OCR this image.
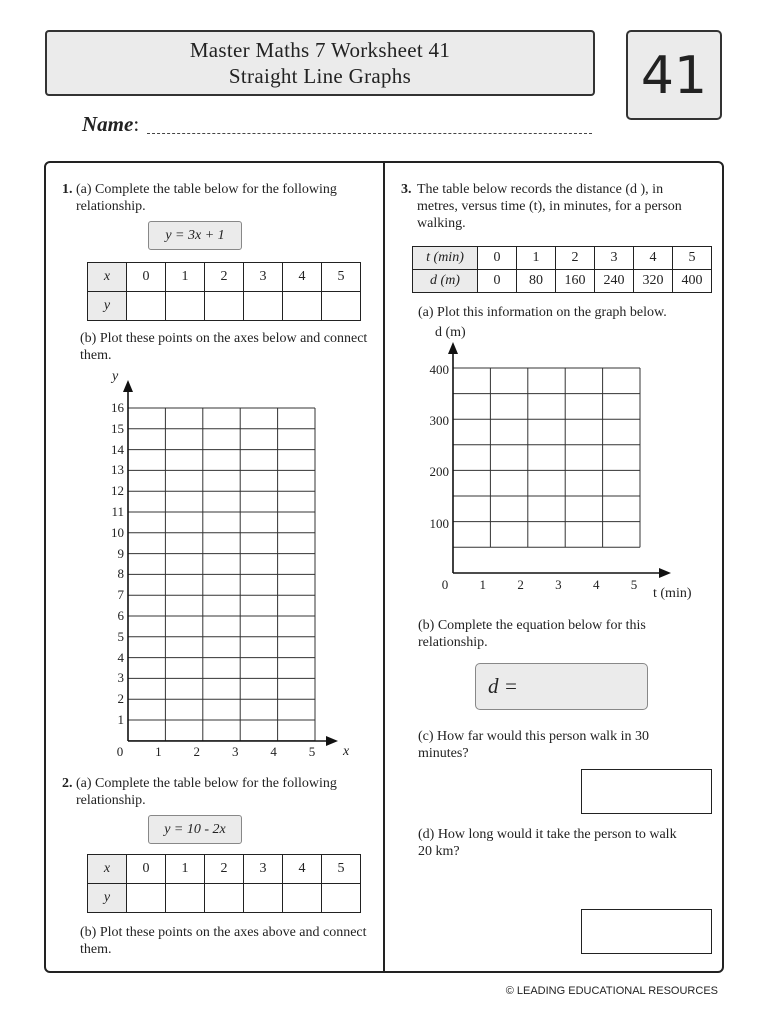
Master Maths 7 Worksheet 41
Straight Line Graphs	41
Name:
1. (a) Complete the table below for the following relationship.
y = 3x + 1
x	0	1	2	3	4	5
y						
(b) Plot these points on the axes below and connect them.
y
x
16
15
14
13
12
11
10
9
8
7
6
5
4
3
2
1
0	1	2	3	4	5
2. (a) Complete the table below for the following relationship.
y = 10 - 2x
x	0	1	2	3	4	5
y						
(b) Plot these points on the axes above and connect them.
3. The table below records the distance (d ), in metres, versus time (t), in minutes, for a person walking.
t (min)	0	1	2	3	4	5
d (m)	0	80	160	240	320	400
(a) Plot this information on the graph below.
d (m)
t (min)
400
300
200
100
0	1	2	3	4	5
(b) Complete the equation below for this relationship.
d =
(c) How far would this person walk in 30 minutes?
(d) How long would it take the person to walk 20 km?
© LEADING EDUCATIONAL RESOURCES
